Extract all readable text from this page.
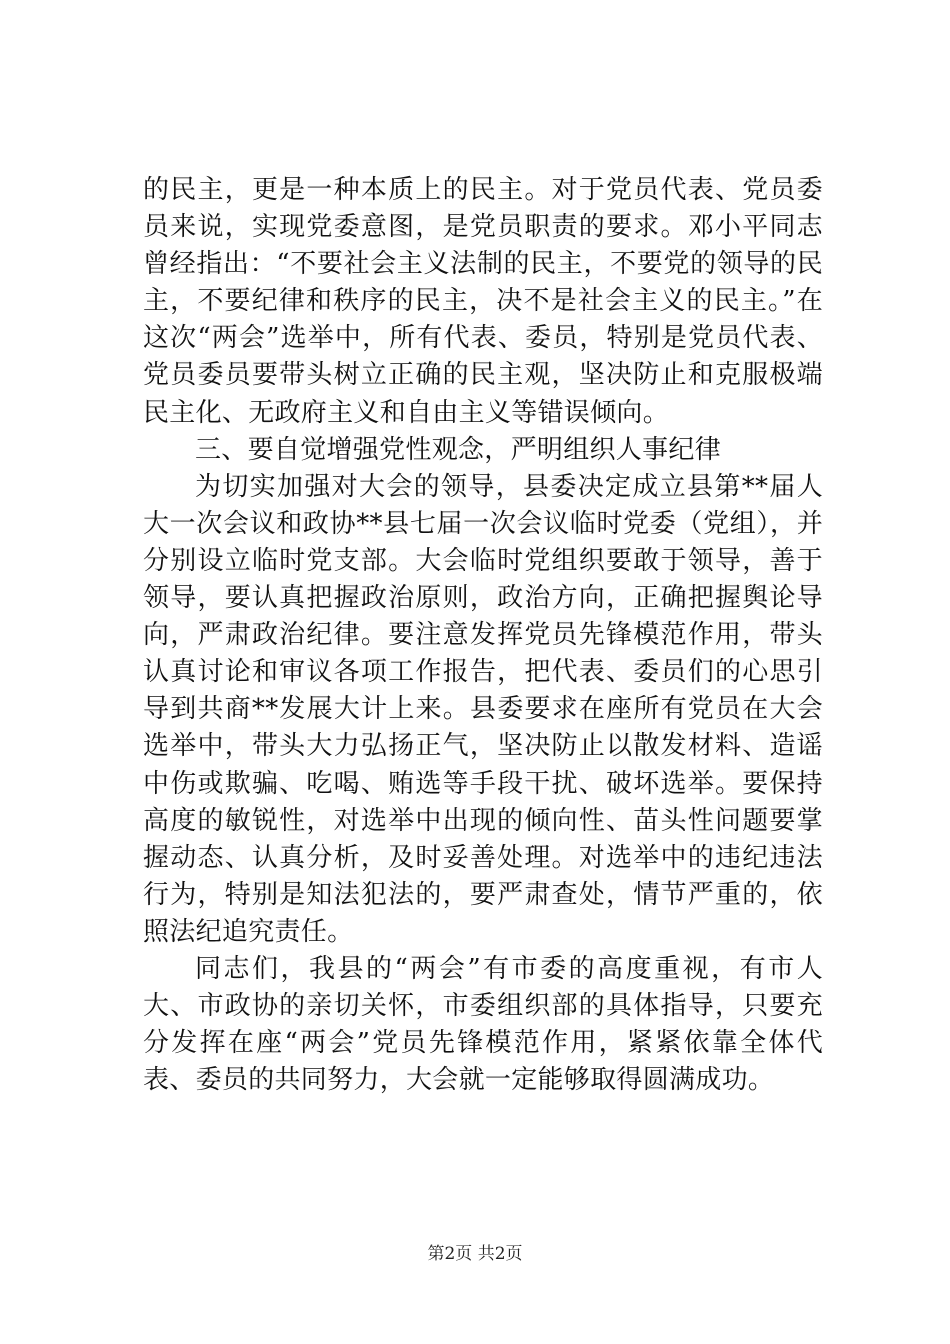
的民主，更是一种本质上的民主。对于党员代表、党员委员来说，实现党委意图，是党员职责的要求。邓小平同志曾经指出：“不要社会主义法制的民主，不要党的领导的民主，不要纪律和秩序的民主，决不是社会主义的民主。”在这次“两会”选举中，所有代表、委员，特别是党员代表、党员委员要带头树立正确的民主观，坚决防止和克服极端民主化、无政府主义和自由主义等错误倾向。

三、要自觉增强党性观念，严明组织人事纪律

为切实加强对大会的领导，县委决定成立县第**届人大一次会议和政协**县七届一次会议临时党委（党组），并分别设立临时党支部。大会临时党组织要敢于领导，善于领导，要认真把握政治原则，政治方向，正确把握舆论导向，严肃政治纪律。要注意发挥党员先锋模范作用，带头认真讨论和审议各项工作报告，把代表、委员们的心思引导到共商**发展大计上来。县委要求在座所有党员在大会选举中，带头大力弘扬正气，坚决防止以散发材料、造谣中伤或欺骗、吃喝、贿选等手段干扰、破坏选举。要保持高度的敏锐性，对选举中出现的倾向性、苗头性问题要掌握动态、认真分析，及时妥善处理。对选举中的违纪违法行为，特别是知法犯法的，要严肃查处，情节严重的，依照法纪追究责任。

同志们，我县的“两会”有市委的高度重视，有市人大、市政协的亲切关怀，市委组织部的具体指导，只要充分发挥在座“两会”党员先锋模范作用，紧紧依靠全体代表、委员的共同努力，大会就一定能够取得圆满成功。

第2页 共2页
